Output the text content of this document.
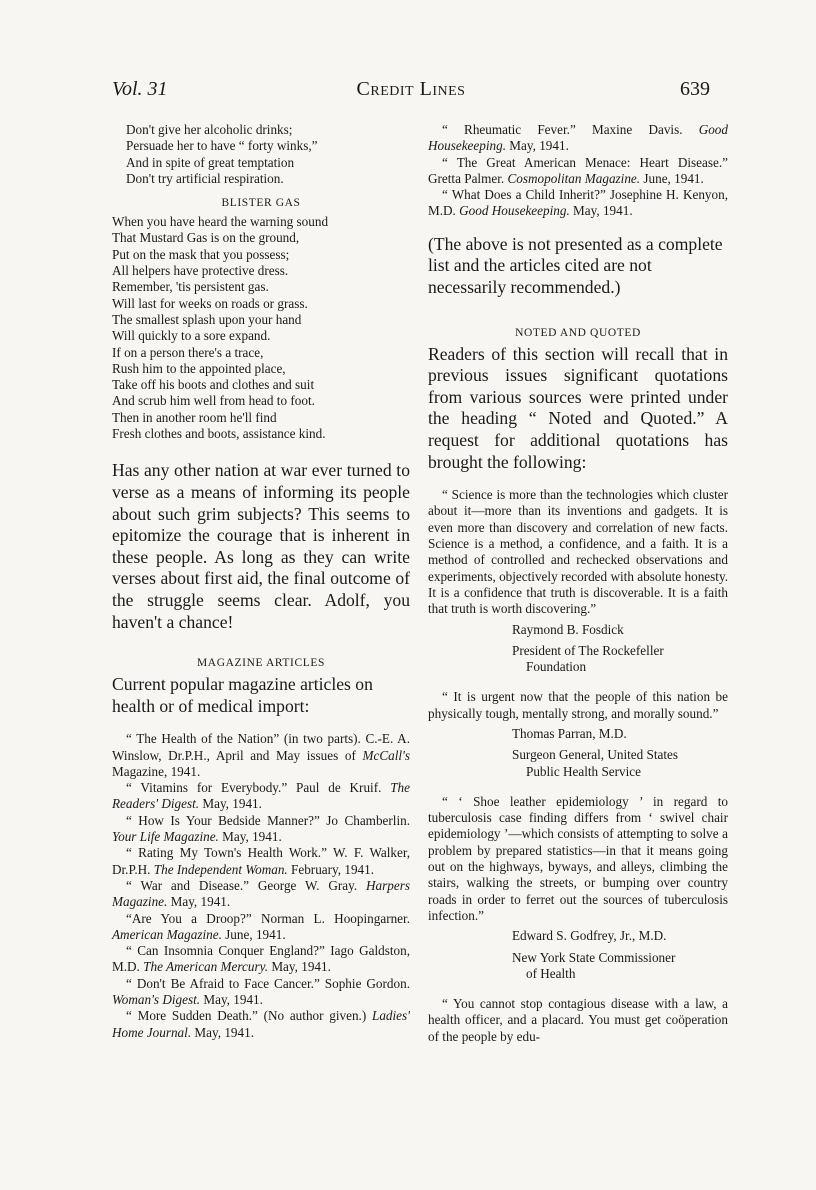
Vol. 31	Credit Lines	639
Don't give her alcoholic drinks;
Persuade her to have “ forty winks,”
And in spite of great temptation
Don't try artificial respiration.
BLISTER GAS
When you have heard the warning sound
That Mustard Gas is on the ground,
Put on the mask that you possess;
All helpers have protective dress.
Remember, 'tis persistent gas.
Will last for weeks on roads or grass.
The smallest splash upon your hand
Will quickly to a sore expand.
If on a person there's a trace,
Rush him to the appointed place,
Take off his boots and clothes and suit
And scrub him well from head to foot.
Then in another room he'll find
Fresh clothes and boots, assistance kind.
Has any other nation at war ever turned to verse as a means of informing its people about such grim subjects? This seems to epitomize the courage that is inherent in these people. As long as they can write verses about first aid, the final outcome of the struggle seems clear. Adolf, you haven't a chance!
MAGAZINE ARTICLES
Current popular magazine articles on health or of medical import:
“ The Health of the Nation” (in two parts). C.-E. A. Winslow, Dr.P.H., April and May issues of McCall's Magazine, 1941.
“ Vitamins for Everybody.” Paul de Kruif. The Readers' Digest. May, 1941.
“ How Is Your Bedside Manner?” Jo Chamberlin. Your Life Magazine. May, 1941.
“ Rating My Town's Health Work.” W. F. Walker, Dr.P.H. The Independent Woman. February, 1941.
“ War and Disease.” George W. Gray. Harpers Magazine. May, 1941.
“Are You a Droop?” Norman L. Hoopingarner. American Magazine. June, 1941.
“ Can Insomnia Conquer England?” Iago Galdston, M.D. The American Mercury. May, 1941.
“ Don't Be Afraid to Face Cancer.” Sophie Gordon. Woman's Digest. May, 1941.
“ More Sudden Death.” (No author given.) Ladies' Home Journal. May, 1941.
“ Rheumatic Fever.” Maxine Davis. Good Housekeeping. May, 1941.
“ The Great American Menace: Heart Disease.” Gretta Palmer. Cosmopolitan Magazine. June, 1941.
“ What Does a Child Inherit?” Josephine H. Kenyon, M.D. Good Housekeeping. May, 1941.
(The above is not presented as a complete list and the articles cited are not necessarily recommended.)
NOTED AND QUOTED
Readers of this section will recall that in previous issues significant quotations from various sources were printed under the heading “ Noted and Quoted.” A request for additional quotations has brought the following:
“ Science is more than the technologies which cluster about it—more than its inventions and gadgets. It is even more than discovery and correlation of new facts. Science is a method, a confidence, and a faith. It is a method of controlled and rechecked observations and experiments, objectively recorded with absolute honesty. It is a confidence that truth is discoverable. It is a faith that truth is worth discovering.”
Raymond B. Fosdick
President of The Rockefeller
Foundation
“ It is urgent now that the people of this nation be physically tough, mentally strong, and morally sound.”
Thomas Parran, M.D.
Surgeon General, United States
Public Health Service
“ ‘ Shoe leather epidemiology ’ in regard to tuberculosis case finding differs from ‘ swivel chair epidemiology ’—which consists of attempting to solve a problem by prepared statistics—in that it means going out on the highways, byways, and alleys, climbing the stairs, walking the streets, or bumping over country roads in order to ferret out the sources of tuberculosis infection.”
Edward S. Godfrey, Jr., M.D.
New York State Commissioner
of Health
“ You cannot stop contagious disease with a law, a health officer, and a placard. You must get coöperation of the people by edu-
